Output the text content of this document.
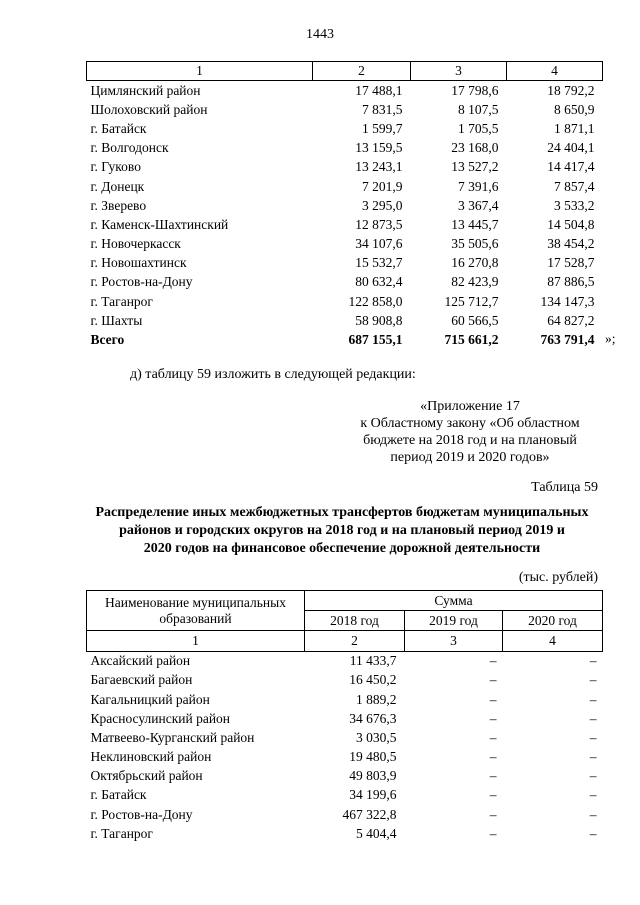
1443
1	2	3	4
Цимлянский район	17 488,1	17 798,6	18 792,2
Шолоховский район	7 831,5	8 107,5	8 650,9
г. Батайск	1 599,7	1 705,5	1 871,1
г. Волгодонск	13 159,5	23 168,0	24 404,1
г. Гуково	13 243,1	13 527,2	14 417,4
г. Донецк	7 201,9	7 391,6	7 857,4
г. Зверево	3 295,0	3 367,4	3 533,2
г. Каменск-Шахтинский	12 873,5	13 445,7	14 504,8
г. Новочеркасск	34 107,6	35 505,6	38 454,2
г. Новошахтинск	15 532,7	16 270,8	17 528,7
г. Ростов-на-Дону	80 632,4	82 423,9	87 886,5
г. Таганрог	122 858,0	125 712,7	134 147,3
г. Шахты	58 908,8	60 566,5	64 827,2
Всего	687 155,1	715 661,2	763 791,4 »;
д) таблицу 59 изложить в следующей редакции:
«Приложение 17
к Областному закону «Об областном
бюджете на 2018 год и на плановый
период 2019 и 2020 годов»
Таблица 59
Распределение иных межбюджетных трансфертов бюджетам муниципальных
районов и городских округов на 2018 год и на плановый период 2019 и
2020 годов на финансовое обеспечение дорожной деятельности
(тыс. рублей)
Наименование муниципальных
образований	Сумма		
	2018 год	2019 год	2020 год
1	2	3	4
Аксайский район	11 433,7	–	–
Багаевский район	16 450,2	–	–
Кагальницкий район	1 889,2	–	–
Красносулинский район	34 676,3	–	–
Матвеево-Курганский район	3 030,5	–	–
Неклиновский район	19 480,5	–	–
Октябрьский район	49 803,9	–	–
г. Батайск	34 199,6	–	–
г. Ростов-на-Дону	467 322,8	–	–
г. Таганрог	5 404,4	–	–
